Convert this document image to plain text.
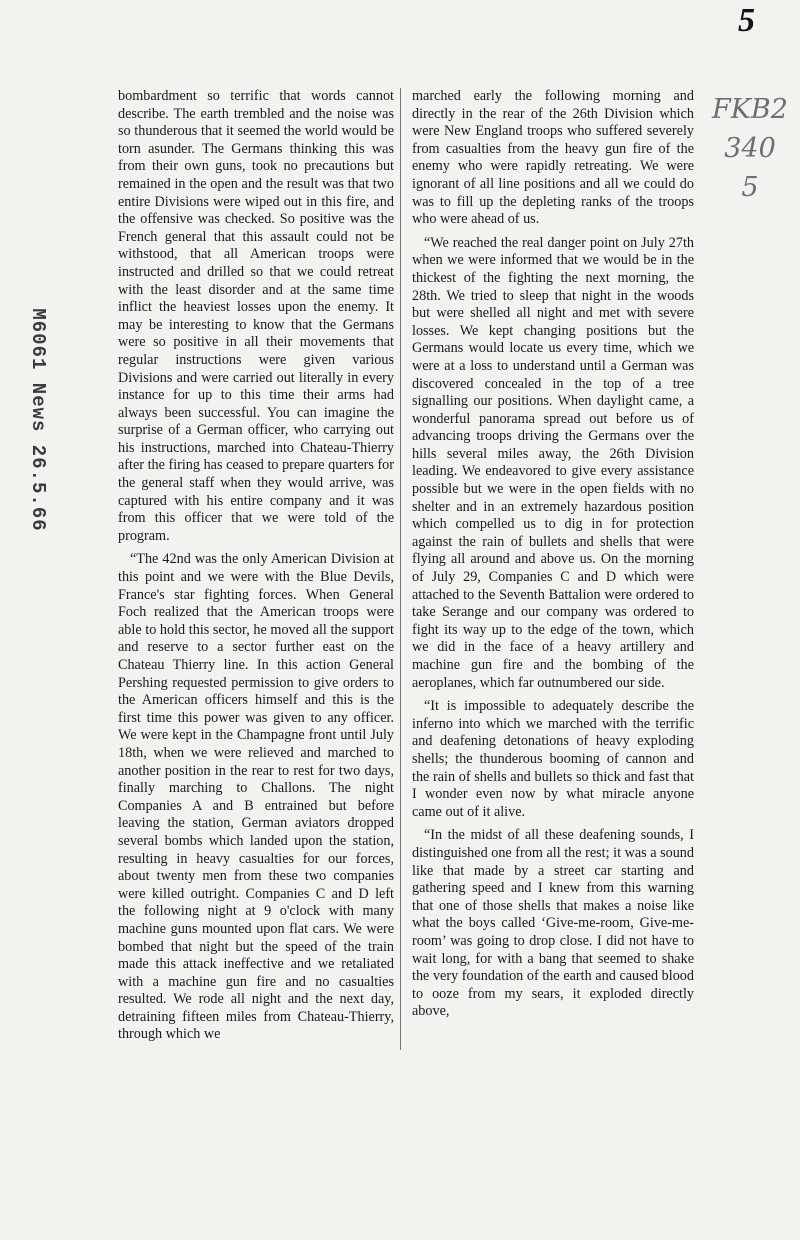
5
FKB2
340
5
M6061 News 26.5.66

bombardment so terrific that words cannot describe. The earth trembled and the noise was so thunderous that it seemed the world would be torn asunder. The Germans thinking this was from their own guns, took no precautions but remained in the open and the result was that two entire Divisions were wiped out in this fire, and the offensive was checked. So positive was the French general that this assault could not be withstood, that all American troops were instructed and drilled so that we could retreat with the least disorder and at the same time inflict the heaviest losses upon the enemy. It may be interesting to know that the Germans were so positive in all their movements that regular instructions were given various Divisions and were carried out literally in every instance for up to this time their arms had always been successful. You can imagine the surprise of a German officer, who carrying out his instructions, marched into Chateau-Thierry after the firing has ceased to prepare quarters for the general staff when they would arrive, was captured with his entire company and it was from this officer that we were told of the program.

“The 42nd was the only American Division at this point and we were with the Blue Devils, France's star fighting forces. When General Foch realized that the American troops were able to hold this sector, he moved all the support and reserve to a sector further east on the Chateau Thierry line. In this action General Pershing requested permission to give orders to the American officers himself and this is the first time this power was given to any officer. We were kept in the Champagne front until July 18th, when we were relieved and marched to another position in the rear to rest for two days, finally marching to Challons. The night Companies A and B entrained but before leaving the station, German aviators dropped several bombs which landed upon the station, resulting in heavy casualties for our forces, about twenty men from these two companies were killed outright. Companies C and D left the following night at 9 o'clock with many machine guns mounted upon flat cars. We were bombed that night but the speed of the train made this attack ineffective and we retaliated with a machine gun fire and no casualties resulted. We rode all night and the next day, detraining fifteen miles from Chateau-Thierry, through which we

marched early the following morning and directly in the rear of the 26th Division which were New England troops who suffered severely from casualties from the heavy gun fire of the enemy who were rapidly retreating. We were ignorant of all line positions and all we could do was to fill up the depleting ranks of the troops who were ahead of us.

“We reached the real danger point on July 27th when we were informed that we would be in the thickest of the fighting the next morning, the 28th. We tried to sleep that night in the woods but were shelled all night and met with severe losses. We kept changing positions but the Germans would locate us every time, which we were at a loss to understand until a German was discovered concealed in the top of a tree signalling our positions. When daylight came, a wonderful panorama spread out before us of advancing troops driving the Germans over the hills several miles away, the 26th Division leading. We endeavored to give every assistance possible but we were in the open fields with no shelter and in an extremely hazardous position which compelled us to dig in for protection against the rain of bullets and shells that were flying all around and above us. On the morning of July 29, Companies C and D which were attached to the Seventh Battalion were ordered to take Serange and our company was ordered to fight its way up to the edge of the town, which we did in the face of a heavy artillery and machine gun fire and the bombing of the aeroplanes, which far outnumbered our side.

“It is impossible to adequately describe the inferno into which we marched with the terrific and deafening detonations of heavy exploding shells; the thunderous booming of cannon and the rain of shells and bullets so thick and fast that I wonder even now by what miracle anyone came out of it alive.

“In the midst of all these deafening sounds, I distinguished one from all the rest; it was a sound like that made by a street car starting and gathering speed and I knew from this warning that one of those shells that makes a noise like what the boys called ‘Give-me-room, Give-me-room’ was going to drop close. I did not have to wait long, for with a bang that seemed to shake the very foundation of the earth and caused blood to ooze from my sears, it exploded directly above,
